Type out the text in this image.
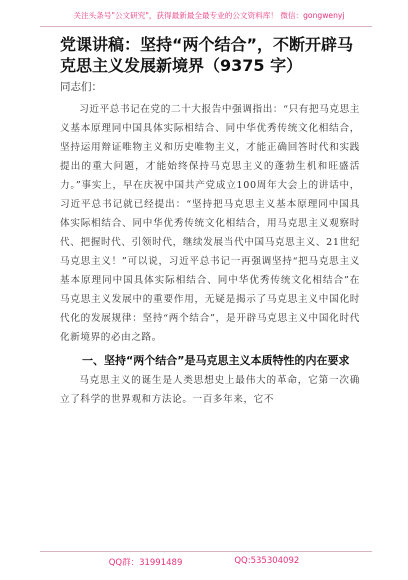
关注头条号"公文研究"，获得最新最全最专业的公文资料库！ 微信：gongwenyj
党课讲稿：坚持“两个结合”，不断开辟马克思主义发展新境界（9375 字）
同志们：

习近平总书记在党的二十大报告中强调指出：“只有把马克思主义基本原理同中国具体实际相结合、同中华优秀传统文化相结合，坚持运用辩证唯物主义和历史唯物主义，才能正确回答时代和实践提出的重大问题，才能始终保持马克思主义的蓬勃生机和旺盛活力。”事实上，早在庆祝中国共产党成立100周年大会上的讲话中，习近平总书记就已经提出：“坚持把马克思主义基本原理同中国具体实际相结合、同中华优秀传统文化相结合，用马克思主义观察时代、把握时代、引领时代，继续发展当代中国马克思主义、21世纪马克思主义！”可以说，习近平总书记一再强调坚持“把马克思主义基本原理同中国具体实际相结合、同中华优秀传统文化相结合”在马克思主义发展中的重要作用，无疑是揭示了马克思主义中国化时代化的发展规律：坚持“两个结合”，是开辟马克思主义中国化时代化新境界的必由之路。

一、坚持“两个结合”是马克思主义本质特性的内在要求

马克思主义的诞生是人类思想史上最伟大的革命，它第一次确立了科学的世界观和方法论。一百多年来，它不

QQ群：31991489	QQ:535304092
